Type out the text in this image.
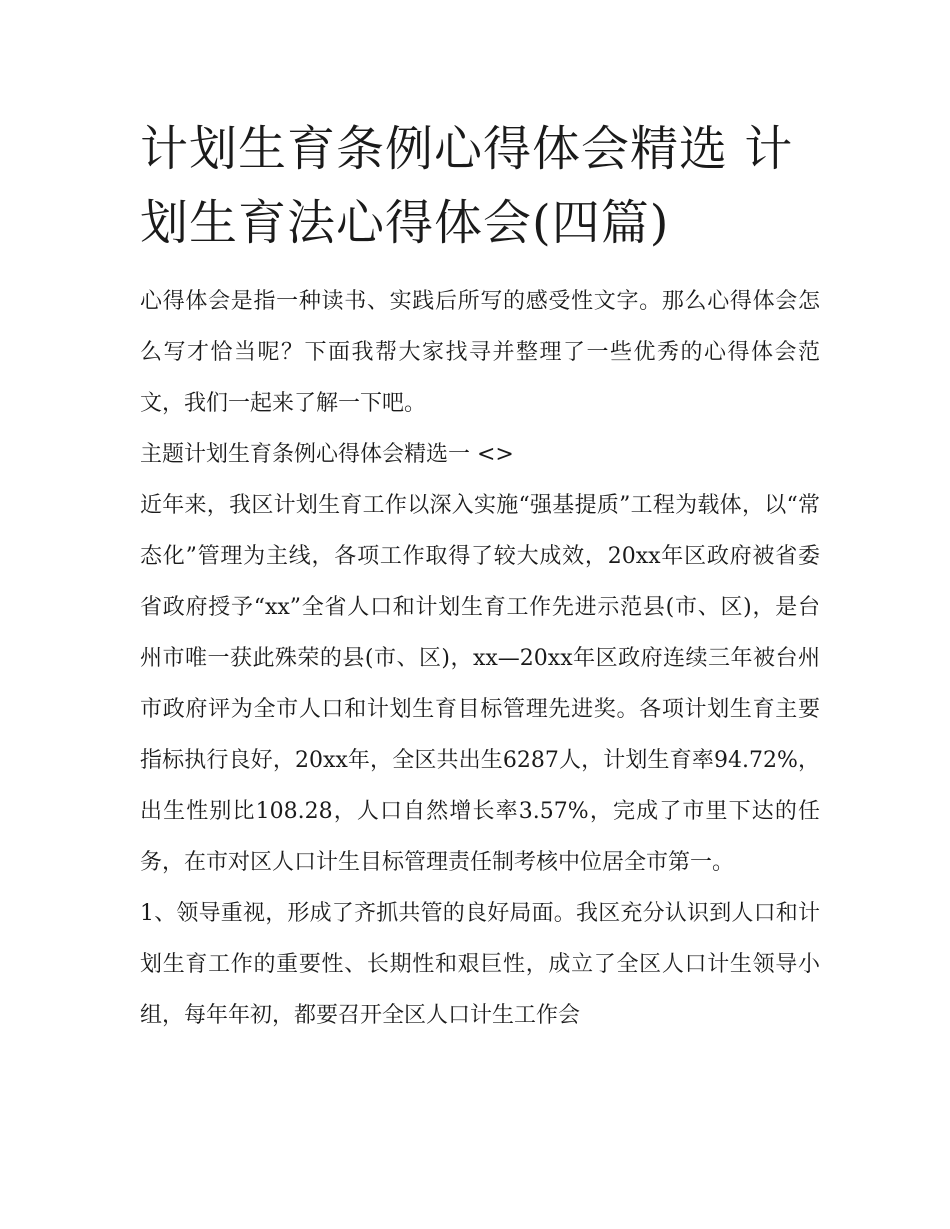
计划生育条例心得体会精选 计划生育法心得体会(四篇)

心得体会是指一种读书、实践后所写的感受性文字。那么心得体会怎么写才恰当呢？下面我帮大家找寻并整理了一些优秀的心得体会范文，我们一起来了解一下吧。

主题计划生育条例心得体会精选一 <>

近年来，我区计划生育工作以深入实施“强基提质”工程为载体，以“常态化”管理为主线，各项工作取得了较大成效，20xx年区政府被省委省政府授予“xx”全省人口和计划生育工作先进示范县(市、区)，是台州市唯一获此殊荣的县(市、区)，xx—20xx年区政府连续三年被台州市政府评为全市人口和计划生育目标管理先进奖。各项计划生育主要指标执行良好，20xx年，全区共出生6287人，计划生育率94.72%，出生性别比108.28，人口自然增长率3.57%，完成了市里下达的任务，在市对区人口计生目标管理责任制考核中位居全市第一。

1、领导重视，形成了齐抓共管的良好局面。我区充分认识到人口和计划生育工作的重要性、长期性和艰巨性，成立了全区人口计生领导小组，每年年初，都要召开全区人口计生工作会
